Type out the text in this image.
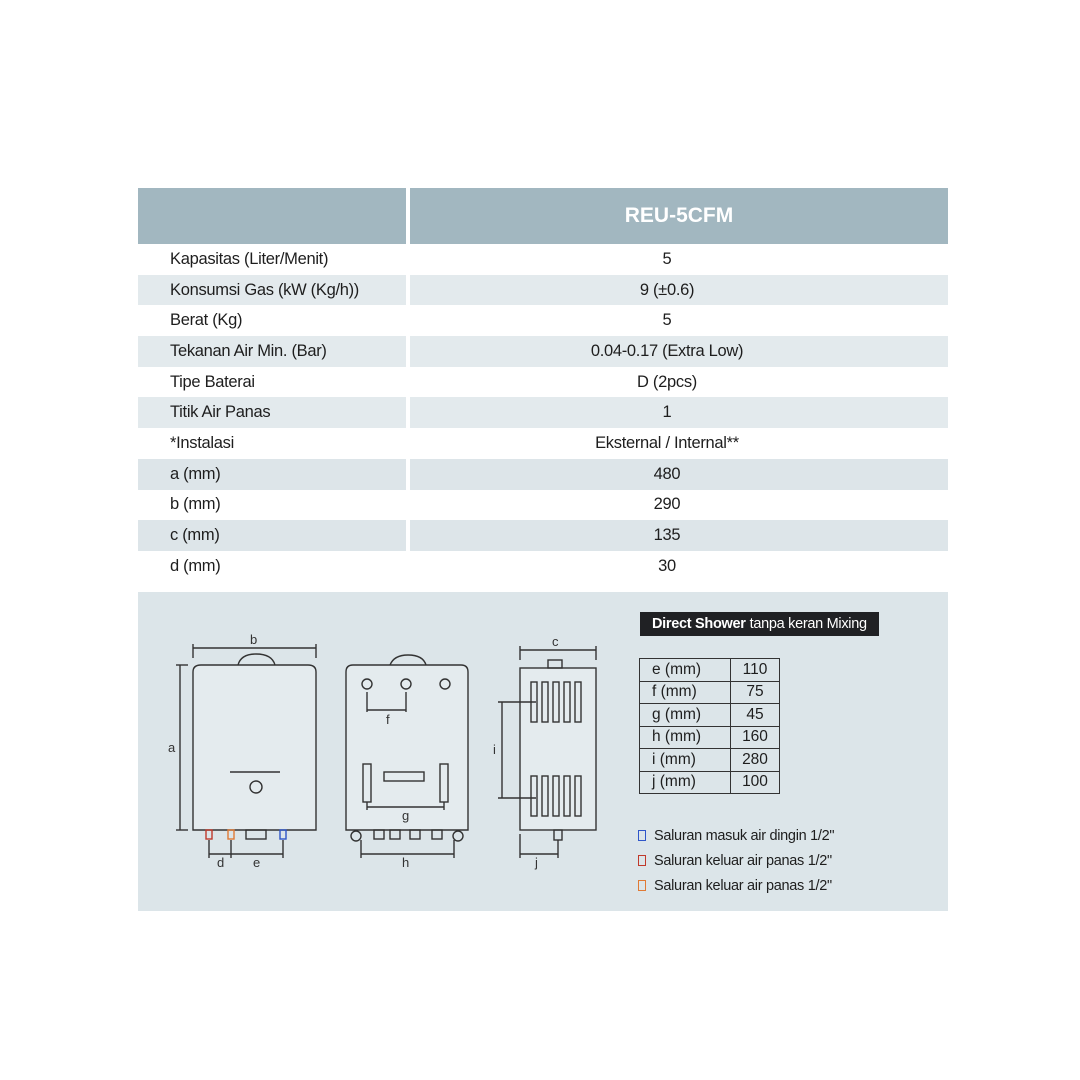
REU-5CFM
Kapasitas (Liter/Menit)	5
Konsumsi Gas (kW (Kg/h))	9 (±0.6)
Berat (Kg)	5
Tekanan Air Min. (Bar)	0.04-0.17 (Extra Low)
Tipe Baterai	D (2pcs)
Titik Air Panas	1
*Instalasi	Eksternal / Internal**
a (mm)	480
b (mm)	290
c (mm)	135
d (mm)	30
b
a
d e
f
g
h
c
i
j
Direct Shower tanpa keran Mixing
e (mm)	110
f (mm)	75
g (mm)	45
h (mm)	160
i (mm)	280
j (mm)	100
Saluran masuk air dingin 1/2"
Saluran keluar air panas 1/2"
Saluran keluar air panas 1/2"
